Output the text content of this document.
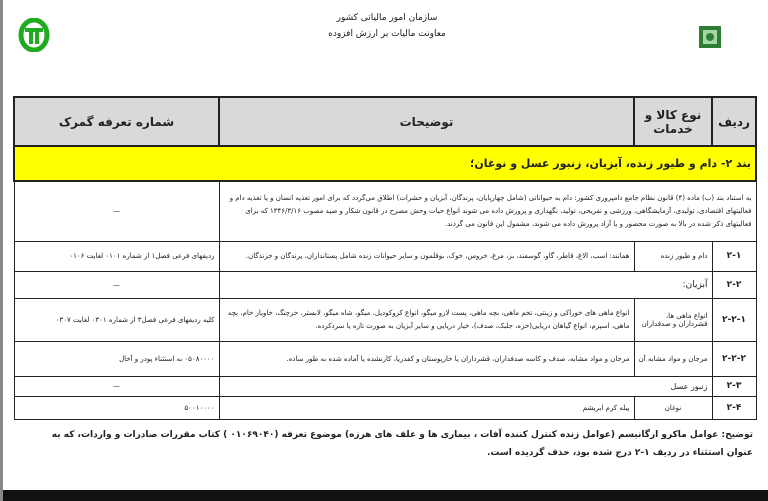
سازمان امور مالیاتی کشور
معاونت مالیات بر ارزش افزوده
ردیف	نوع کالا و خدمات	توضیحات	شماره تعرفه گمرک
بند ۲- دام و طیور زنده، آبزیان، زنبور عسل و نوغان؛			
به استناد بند (ب) ماده (۴) قانون نظام جامع دامپروری کشور: دام به حیواناتی (شامل چهارپایان، پرندگان، آبزیان و حشرات) اطلاق می‌گردد که برای امور تغذیه انسان و یا تغذیه دام و فعالیتهای اقتصادی، تولیدی، آزمایشگاهی، ورزشی و تفریحی، تولید، نگهداری و پرورش داده می شوند انواع حیات وحش مصرح در قانون شکار و صید مصوب ۱۳۴۶/۳/۱۶ که برای فعالیتهای ذکر شده در بالا به صورت محصور و یا آزاد پرورش داده می شوند، مشمول این قانون می گردند.			—
۲-۱	دام و طیور زنده	همانند: اسب، الاغ، قاطر، گاو، گوسفند، بز، مرغ، خروس، خوک، بوقلمون و سایر حیوانات زنده شامل پستانداران، پرندگان و خزندگان.	ردیفهای فرعی فصل۱ از شماره ۰۱۰۱ لغایت ۰۱۰۶
۲-۲	آبزیان:		—
۲-۲-۱	انواع ماهی ها، قشرداران و صدفداران	انواع ماهی های خوراکی و زینتی، تخم ماهی، بچه ماهی، پست لارو میگو، انواع کروکودیل، میگو، شاه میگو، لابستر، خرچنگ، خاویار خام، بچه ماهی، اسپرم، انواع گیاهان دریایی(خزه، جلبک، صدف)، خیار دریایی و سایر آبزیان به صورت تازه یا سردکرده.	کلیه ردیفهای فرعی فصل۳ از شماره ۰۳۰۱ لغایت ۰۳۰۷
۲-۲-۲	مرجان و مواد مشابه آن	مرجان و مواد مشابه، صدف و کاسه صدفداران، قشرداران یا خارپوستان و کفدریا، کارنشده یا آماده شده به طور ساده.	۰۵۰۸۰۰۰۰ به استثناء پودر و آخال
۲-۳	زنبور عسل		—
۲-۴	نوغان	پیله کرم ابریشم	۵۰۰۱۰۰۰۰
توضیح: عوامل ماکرو ارگانیسم (عوامل زنده کنترل کننده آفات ، بیماری ها و علف های هرزه) موضوع تعرفه (۰۱۰۶۹۰۴۰ ) کتاب مقررات صادرات و واردات، که به عنوان استثناء در ردیف ۱-۲ درج شده بود، حذف گردیده است.
